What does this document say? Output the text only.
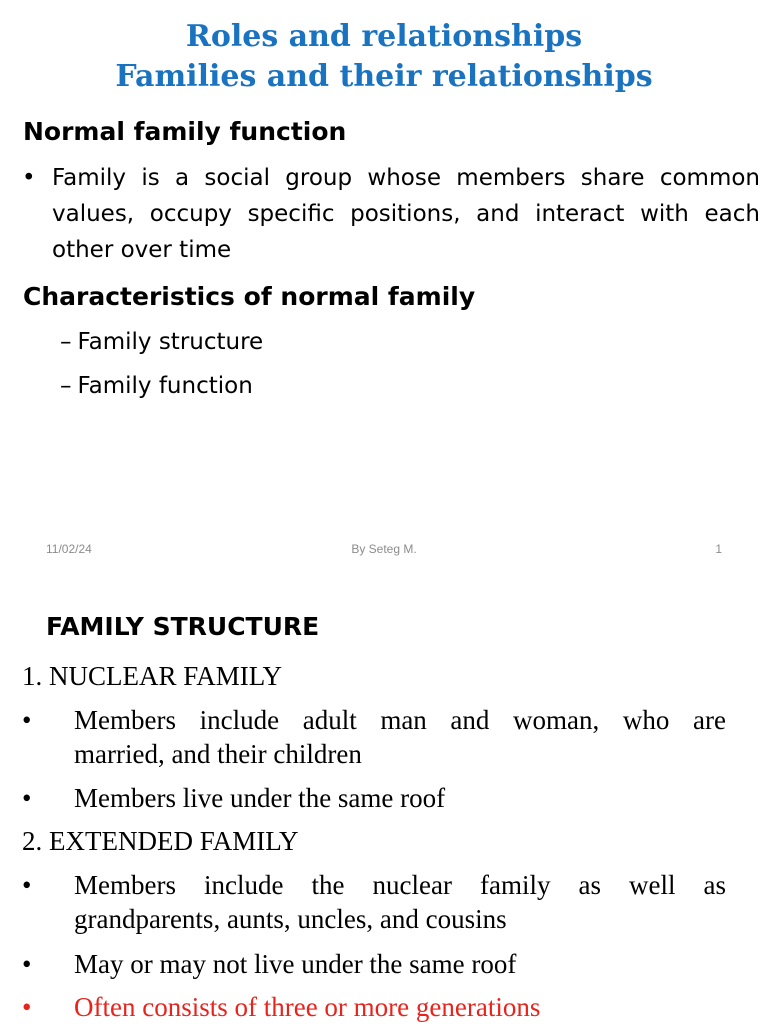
Roles and relationships
Families and their relationships
Normal family function
• Family is a social group whose members share common
values, occupy specific positions, and interact with each
other over time
Characteristics of normal family
– Family structure
– Family function
11/02/24	By Seteg M.	1
FAMILY STRUCTURE
1. NUCLEAR FAMILY
• Members include adult man and woman, who are
married, and their children
• Members live under the same roof
2. EXTENDED FAMILY
• Members include the nuclear family as well as
grandparents, aunts, uncles, and cousins
• May or may not live under the same roof
• Often consists of three or more generations
